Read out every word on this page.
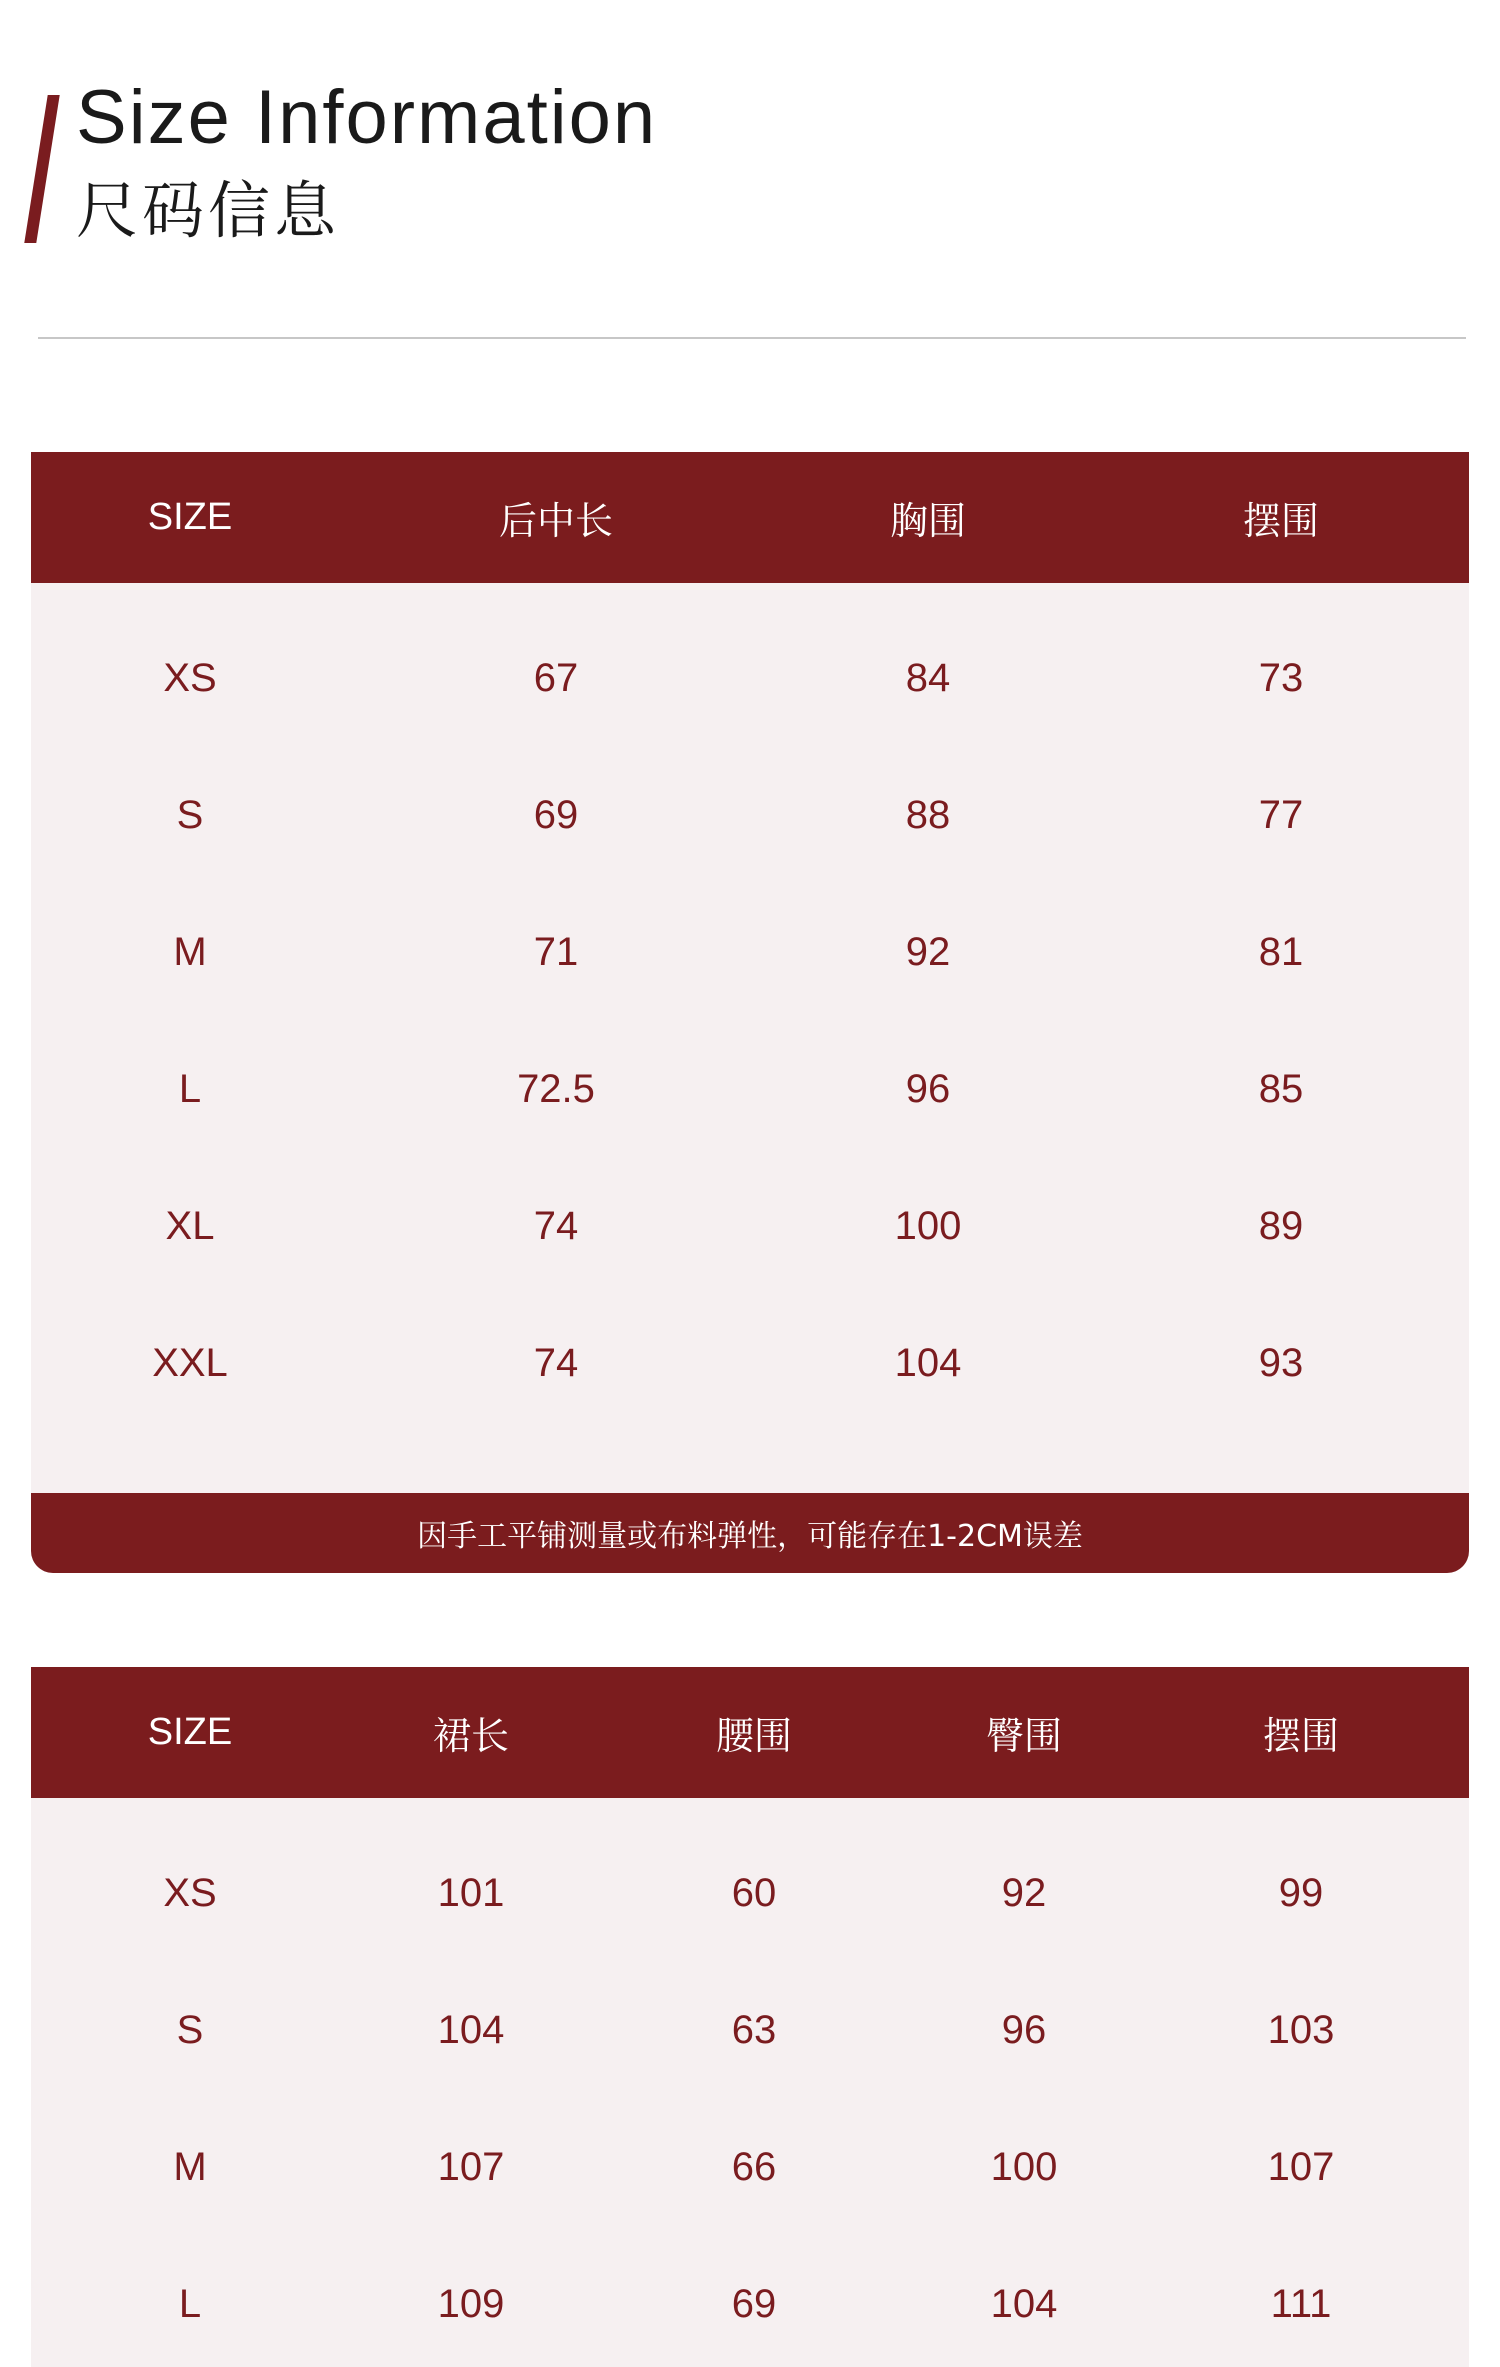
Size Information
尺码信息
SIZE	后中长	胸围	摆围
XS	67	84	73
S	69	88	77
M	71	92	81
L	72.5	96	85
XL	74	100	89
XXL	74	104	93
因手工平铺测量或布料弹性，可能存在1-2CM误差
SIZE	裙长	腰围	臀围	摆围
XS	101	60	92	99
S	104	63	96	103
M	107	66	100	107
L	109	69	104	111
